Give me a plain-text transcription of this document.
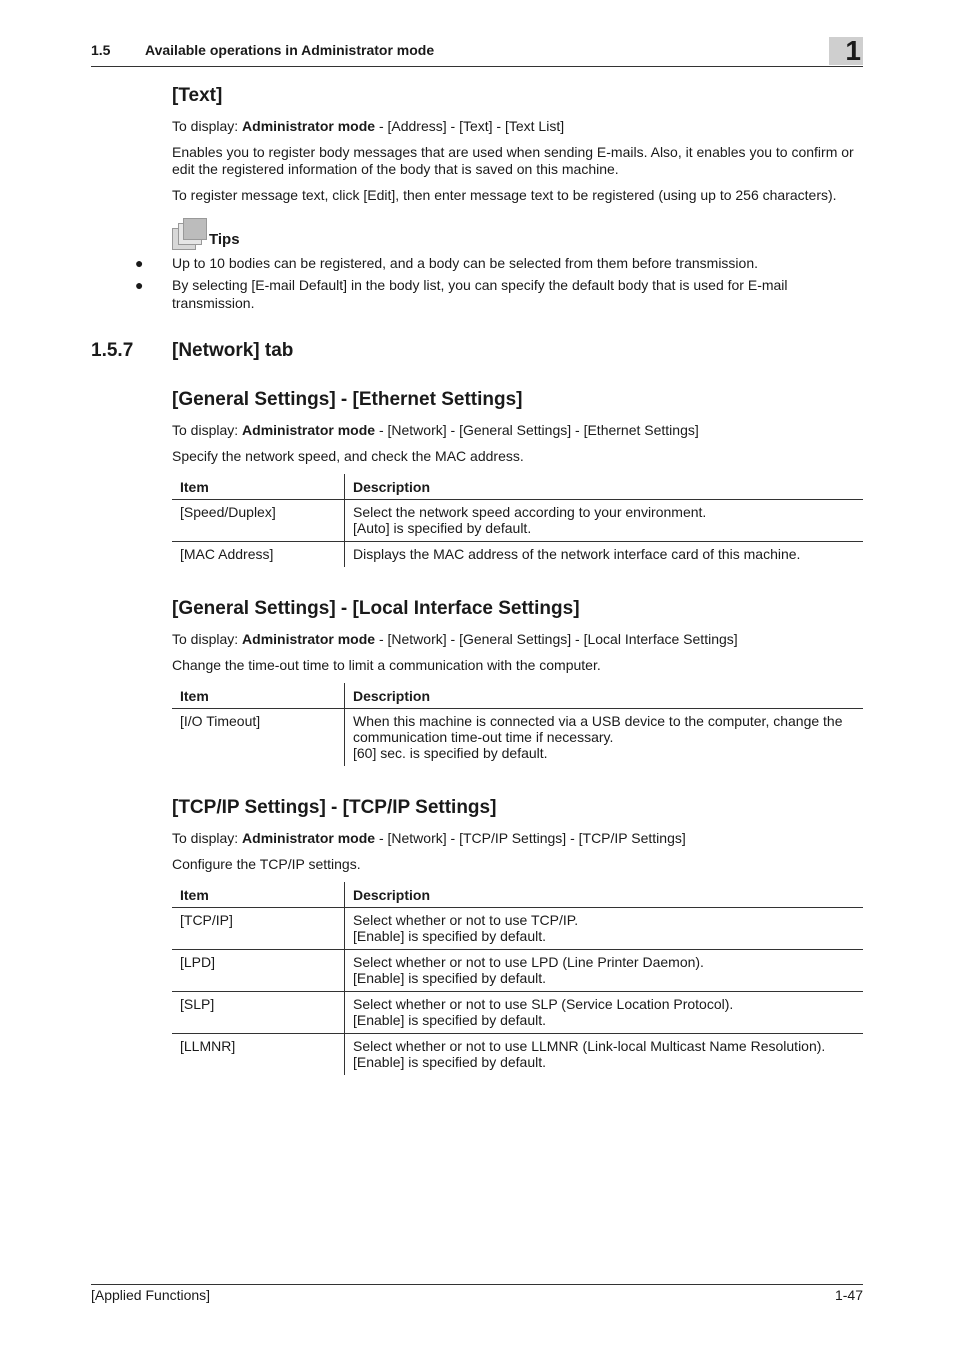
1.5 Available operations in Administrator mode	1
[Text]

To display: Administrator mode - [Address] - [Text] - [Text List]

Enables you to register body messages that are used when sending E-mails. Also, it enables you to confirm or edit the registered information of the body that is saved on this machine.

To register message text, click [Edit], then enter message text to be registered (using up to 256 characters).

Tips
● Up to 10 bodies can be registered, and a body can be selected from them before transmission.
● By selecting [E-mail Default] in the body list, you can specify the default body that is used for E-mail transmission.
1.5.7 [Network] tab
[General Settings] - [Ethernet Settings]

To display: Administrator mode - [Network] - [General Settings] - [Ethernet Settings]

Specify the network speed, and check the MAC address.

Item	Description
[Speed/Duplex]	Select the network speed according to your environment.
[Auto] is specified by default.

[MAC Address]	Displays the MAC address of the network interface card of this machine.
[General Settings] - [Local Interface Settings]

To display: Administrator mode - [Network] - [General Settings] - [Local Interface Settings]

Change the time-out time to limit a communication with the computer.

Item	Description
[I/O Timeout]	When this machine is connected via a USB device to the computer, change the communication time-out time if necessary.
[60] sec. is specified by default.
[TCP/IP Settings] - [TCP/IP Settings]

To display: Administrator mode - [Network] - [TCP/IP Settings] - [TCP/IP Settings]

Configure the TCP/IP settings.

Item	Description
[TCP/IP]	Select whether or not to use TCP/IP.
[Enable] is specified by default.

[LPD]	Select whether or not to use LPD (Line Printer Daemon).
[Enable] is specified by default.

[SLP]	Select whether or not to use SLP (Service Location Protocol).
[Enable] is specified by default.

[LLMNR]	Select whether or not to use LLMNR (Link-local Multicast Name Resolution).
[Enable] is specified by default.
[Applied Functions]	1-47
